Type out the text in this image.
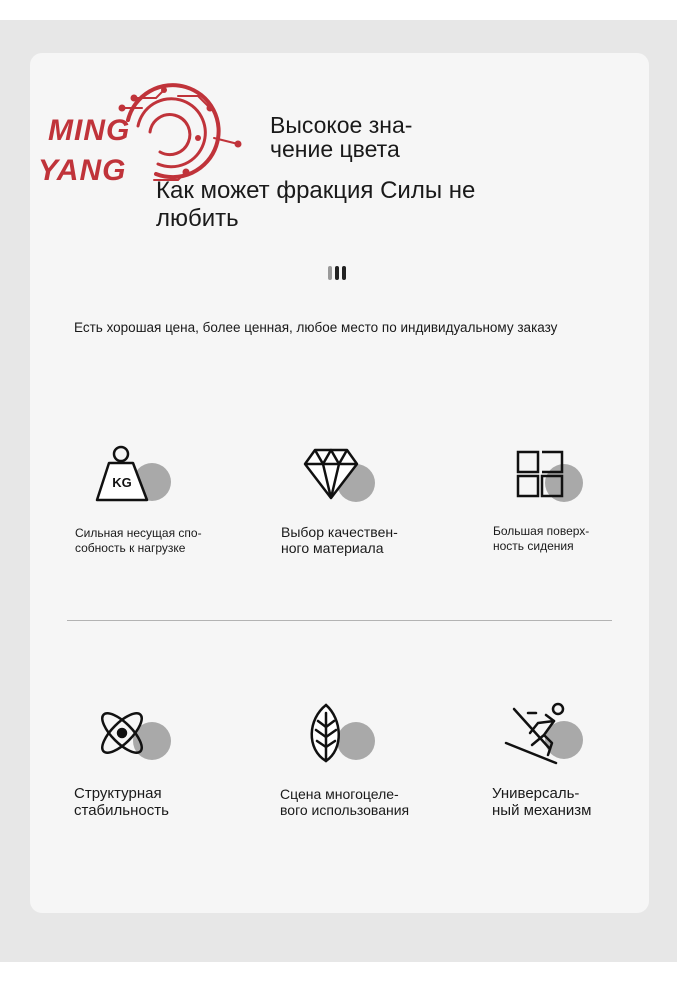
MING
YANG
Высокое зна-
чение цвета
Как может фракция Силы не
любить
Есть хорошая цена, более ценная, любое место по индивидуальному заказу
KG
Сильная несущая спо-
собность к нагрузке
Выбор качествен-
ного материала
Большая поверх-
ность сидения
Структурная
стабильность
Сцена многоцеле-
вого использования
Универсаль-
ный механизм
